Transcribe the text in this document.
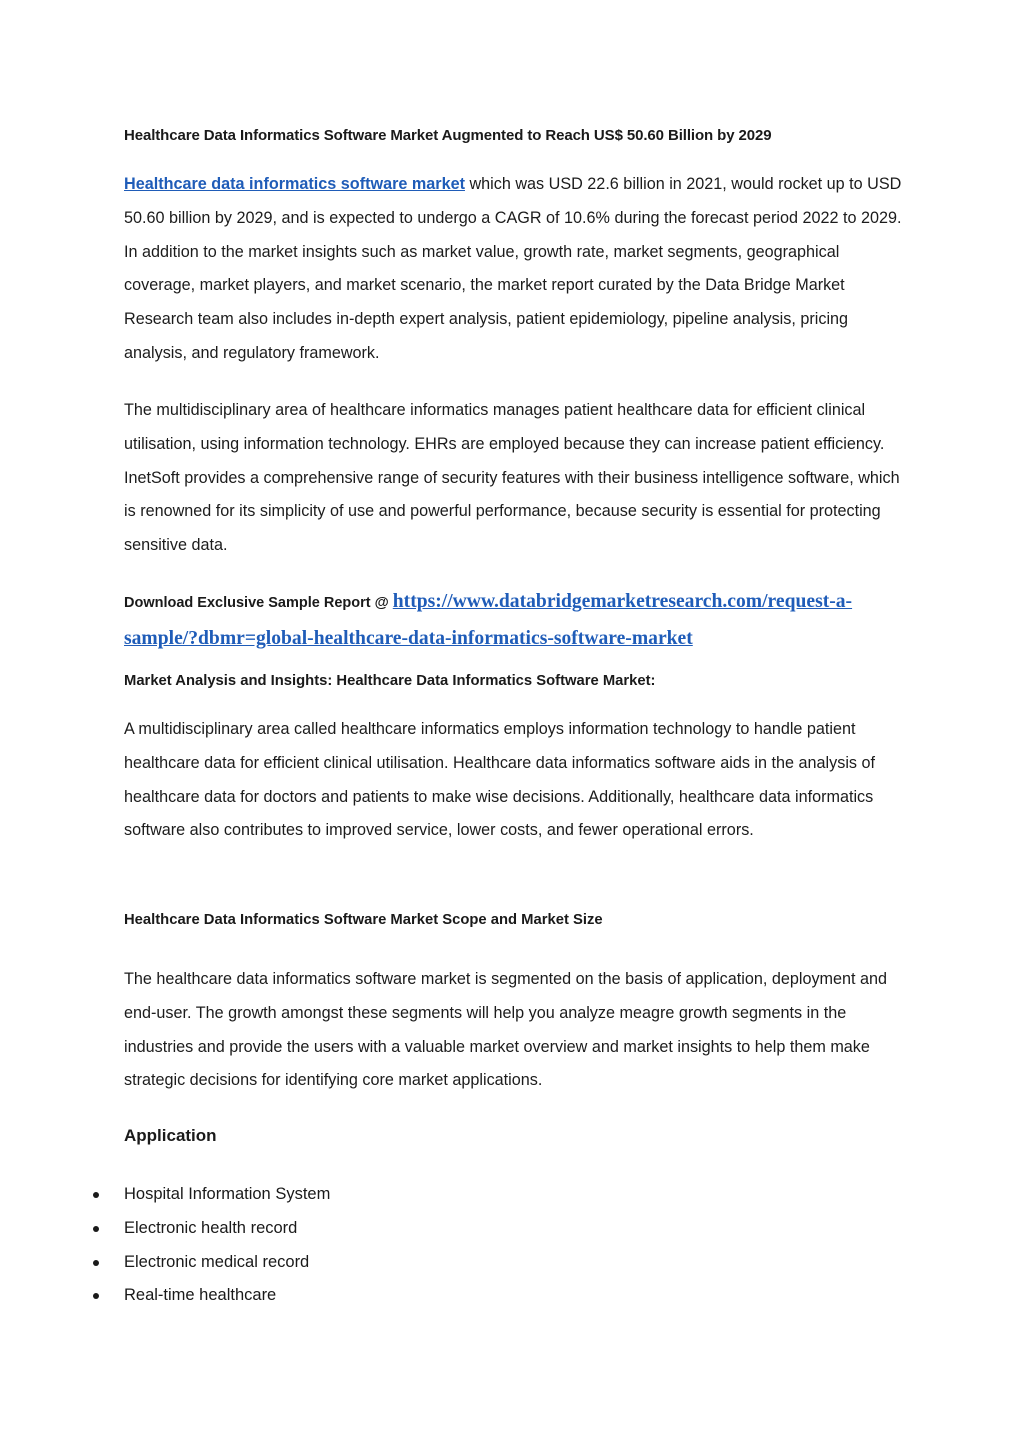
Healthcare Data Informatics Software Market Augmented to Reach US$ 50.60 Billion by 2029

Healthcare data informatics software market which was USD 22.6 billion in 2021, would rocket up to USD 50.60 billion by 2029, and is expected to undergo a CAGR of 10.6% during the forecast period 2022 to 2029. In addition to the market insights such as market value, growth rate, market segments, geographical coverage, market players, and market scenario, the market report curated by the Data Bridge Market Research team also includes in-depth expert analysis, patient epidemiology, pipeline analysis, pricing analysis, and regulatory framework.

The multidisciplinary area of healthcare informatics manages patient healthcare data for efficient clinical utilisation, using information technology. EHRs are employed because they can increase patient efficiency. InetSoft provides a comprehensive range of security features with their business intelligence software, which is renowned for its simplicity of use and powerful performance, because security is essential for protecting sensitive data.

Download Exclusive Sample Report @ https://www.databridgemarketresearch.com/request-a-sample/?dbmr=global-healthcare-data-informatics-software-market

Market Analysis and Insights: Healthcare Data Informatics Software Market:

A multidisciplinary area called healthcare informatics employs information technology to handle patient healthcare data for efficient clinical utilisation. Healthcare data informatics software aids in the analysis of healthcare data for doctors and patients to make wise decisions. Additionally, healthcare data informatics software also contributes to improved service, lower costs, and fewer operational errors.

Healthcare Data Informatics Software Market Scope and Market Size

The healthcare data informatics software market is segmented on the basis of application, deployment and end-user. The growth amongst these segments will help you analyze meagre growth segments in the industries and provide the users with a valuable market overview and market insights to help them make strategic decisions for identifying core market applications.

Application
Hospital Information System
Electronic health record
Electronic medical record
Real-time healthcare
